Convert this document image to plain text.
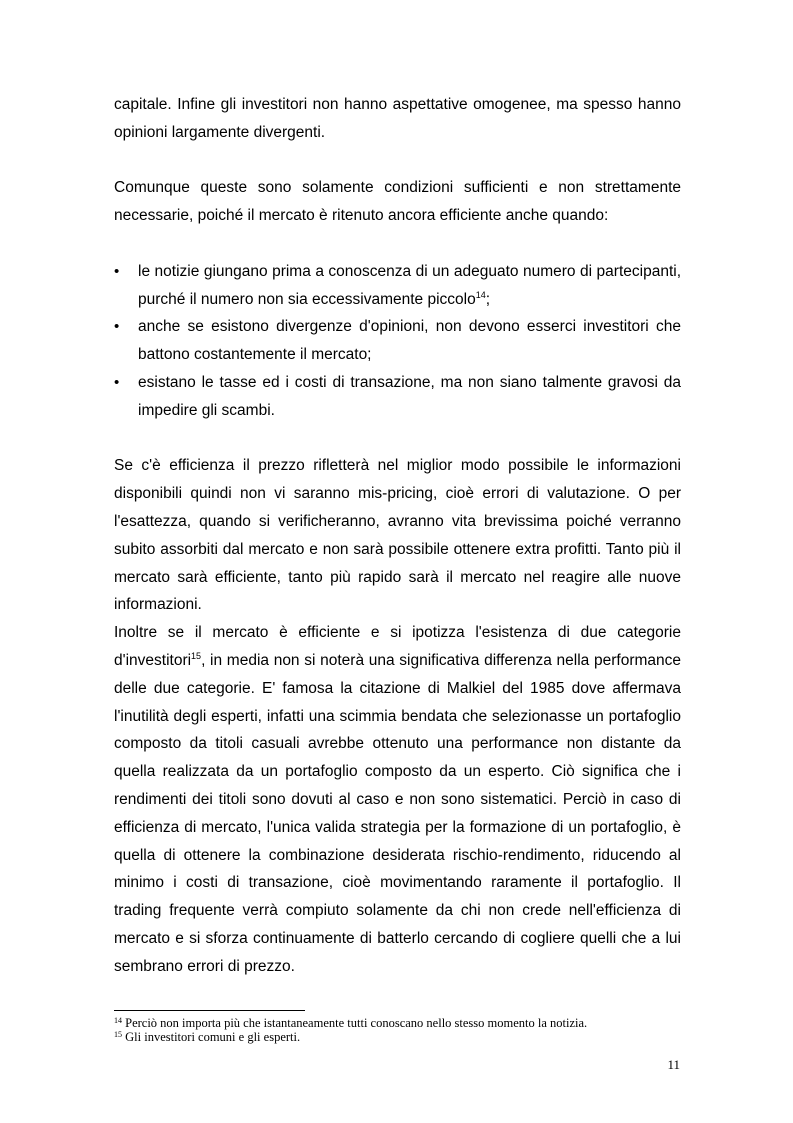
capitale. Infine gli investitori non hanno aspettative omogenee, ma spesso hanno opinioni largamente divergenti.

Comunque queste sono solamente condizioni sufficienti e non strettamente necessarie, poiché il mercato è ritenuto ancora efficiente anche quando:

•	le notizie giungano prima a conoscenza di un adeguato numero di partecipanti, purché il numero non sia eccessivamente piccolo$^{14}$;
•	anche se esistono divergenze d'opinioni, non devono esserci investitori che battono costantemente il mercato;
•	esistano le tasse ed i costi di transazione, ma non siano talmente gravosi da impedire gli scambi.

Se c'è efficienza il prezzo rifletterà nel miglior modo possibile le informazioni disponibili quindi non vi saranno mis-pricing, cioè errori di valutazione. O per l'esattezza, quando si verificheranno, avranno vita brevissima poiché verranno subito assorbiti dal mercato e non sarà possibile ottenere extra profitti. Tanto più il mercato sarà efficiente, tanto più rapido sarà il mercato nel reagire alle nuove informazioni.

Inoltre se il mercato è efficiente e si ipotizza l'esistenza di due categorie d'investitori$^{15}$, in media non si noterà una significativa differenza nella performance delle due categorie. E' famosa la citazione di Malkiel del 1985 dove affermava l'inutilità degli esperti, infatti una scimmia bendata che selezionasse un portafoglio composto da titoli casuali avrebbe ottenuto una performance non distante da quella realizzata da un portafoglio composto da un esperto. Ciò significa che i rendimenti dei titoli sono dovuti al caso e non sono sistematici. Perciò in caso di efficienza di mercato, l'unica valida strategia per la formazione di un portafoglio, è quella di ottenere la combinazione desiderata rischio-rendimento, riducendo al minimo i costi di transazione, cioè movimentando raramente il portafoglio. Il trading frequente verrà compiuto solamente da chi non crede nell'efficienza di mercato e si sforza continuamente di batterlo cercando di cogliere quelli che a lui sembrano errori di prezzo.

$^{14}$ Perciò non importa più che istantaneamente tutti conoscano nello stesso momento la notizia.
$^{15}$ Gli investitori comuni e gli esperti.
11
